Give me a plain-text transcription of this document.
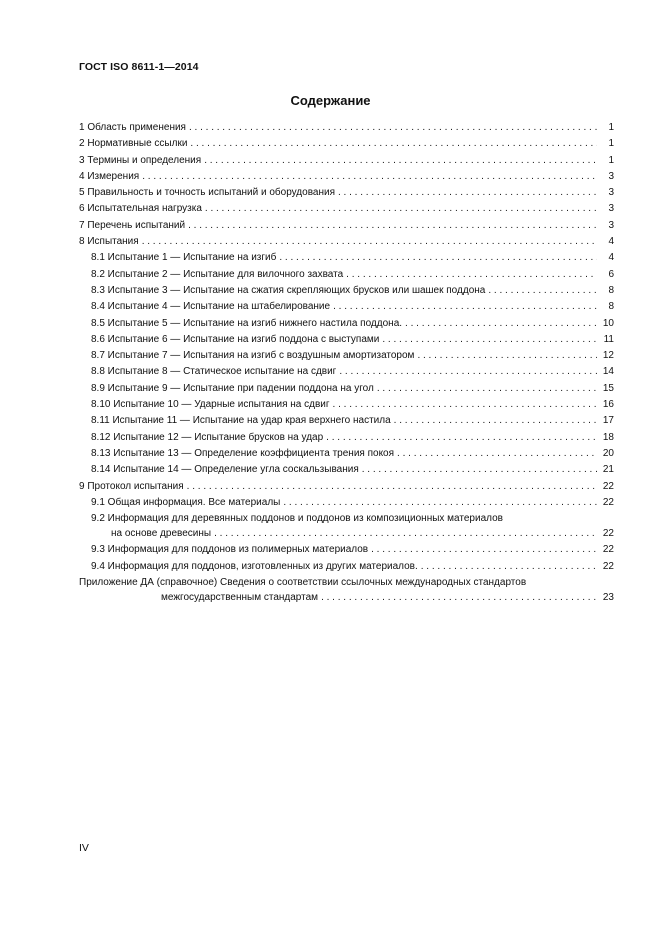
ГОСТ ISO 8611-1—2014
Содержание
1 Область применения . . .	1
2 Нормативные ссылки . . .	1
3 Термины и определения . . .	1
4 Измерения . . .	3
5 Правильность и точность испытаний и оборудования . . .	3
6 Испытательная нагрузка . . .	3
7 Перечень испытаний . . .	3
8 Испытания . . .	4
8.1 Испытание 1 — Испытание на изгиб . . .	4
8.2 Испытание 2 — Испытание для вилочного захвата . . .	6
8.3 Испытание 3 — Испытание на сжатия скрепляющих брусков или шашек поддона . . .	8
8.4 Испытание 4 — Испытание на штабелирование . . .	8
8.5 Испытание 5 — Испытание на изгиб нижнего настила поддона. . . .	10
8.6 Испытание 6 — Испытание на изгиб поддона с выступами . . .	11
8.7 Испытание 7 — Испытания на изгиб с воздушным амортизатором . . .	12
8.8 Испытание 8 — Статическое испытание на сдвиг . . .	14
8.9 Испытание 9 — Испытание при падении поддона на угол . . .	15
8.10 Испытание 10 — Ударные испытания на сдвиг . . .	16
8.11 Испытание 11 — Испытание на удар края верхнего настила . . .	17
8.12 Испытание 12 — Испытание брусков на удар . . .	18
8.13 Испытание 13 — Определение коэффициента трения покоя . . .	20
8.14 Испытание 14 — Определение угла соскальзывания . . .	21
9 Протокол испытания . . .	22
9.1 Общая информация. Все материалы . . .	22
9.2 Информация для деревянных поддонов и поддонов из композиционных материалов
на основе древесины . . .	22
9.3 Информация для поддонов из полимерных материалов . . .	22
9.4 Информация для поддонов, изготовленных из других материалов. . . .	22
Приложение ДА (справочное) Сведения о соответствии ссылочных международных стандартов
межгосударственным стандартам . . .	23
IV
